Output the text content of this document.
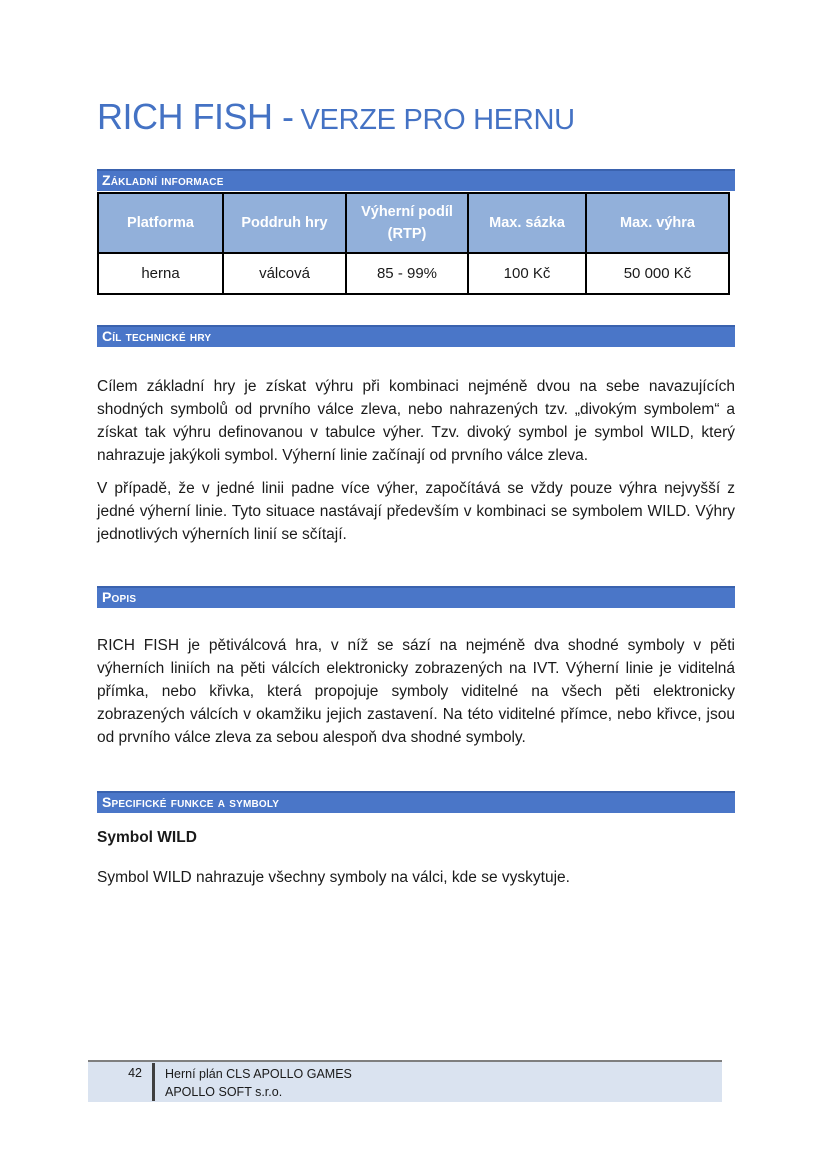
RICH FISH - VERZE PRO HERNU
Základní informace
Platforma	Poddruh hry	Výherní podíl (RTP)	Max. sázka	Max. výhra
herna	válcová	85 - 99%	100 Kč	50 000 Kč
Cíl technické hry

Cílem základní hry je získat výhru při kombinaci nejméně dvou na sebe navazujících shodných symbolů od prvního válce zleva, nebo nahrazených tzv. „divokým symbolem“ a získat tak výhru definovanou v tabulce výher. Tzv. divoký symbol je symbol WILD, který nahrazuje jakýkoli symbol. Výherní linie začínají od prvního válce zleva.

V případě, že v jedné linii padne více výher, započítává se vždy pouze výhra nejvyšší z jedné výherní linie. Tyto situace nastávají především v kombinaci se symbolem WILD. Výhry jednotlivých výherních linií se sčítají.

Popis

RICH FISH je pětiválcová hra, v níž se sází na nejméně dva shodné symboly v pěti výherních liniích na pěti válcích elektronicky zobrazených na IVT. Výherní linie je viditelná přímka, nebo křivka, která propojuje symboly viditelné na všech pěti elektronicky zobrazených válcích v okamžiku jejich zastavení. Na této viditelné přímce, nebo křivce, jsou od prvního válce zleva za sebou alespoň dva shodné symboly.

Specifické funkce a symboly
Symbol WILD

Symbol WILD nahrazuje všechny symboly na válci, kde se vyskytuje.

42	Herní plán CLS APOLLO GAMES
APOLLO SOFT s.r.o.
